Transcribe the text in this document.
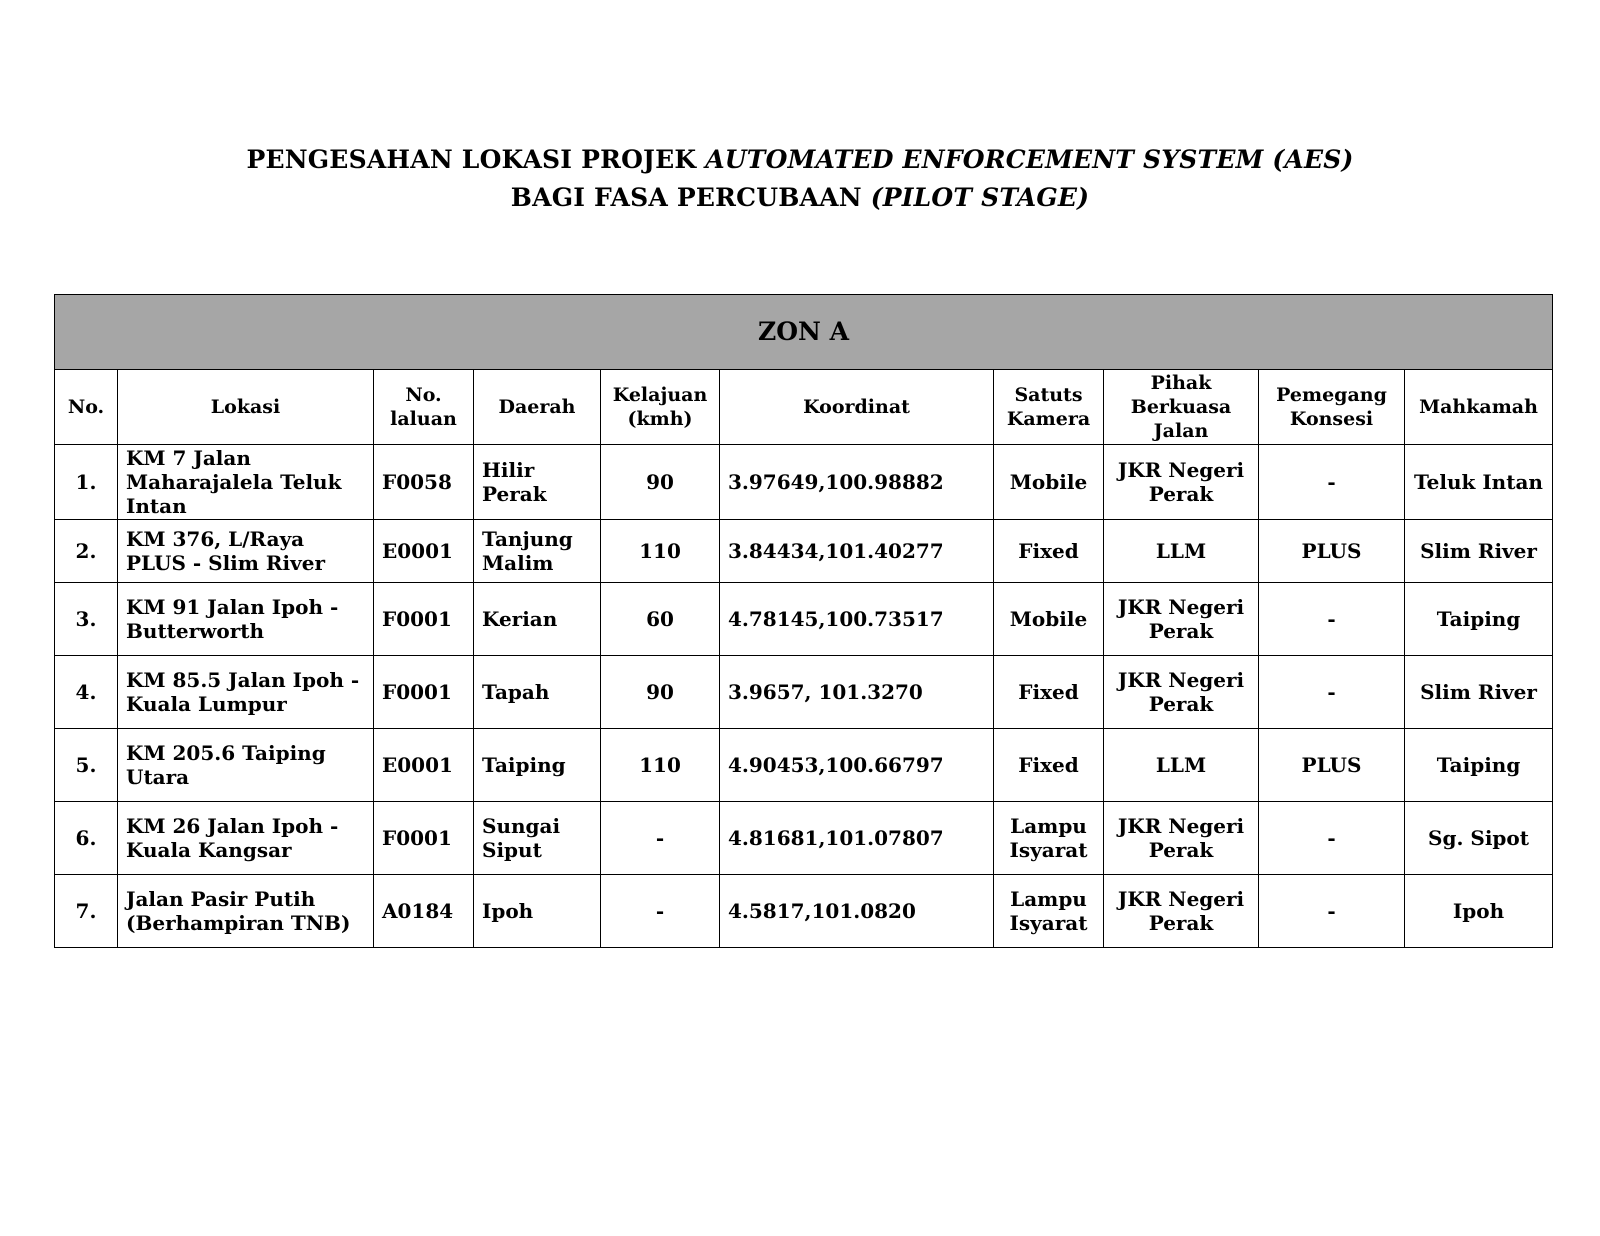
PENGESAHAN LOKASI PROJEK AUTOMATED ENFORCEMENT SYSTEM (AES)
BAGI FASA PERCUBAAN (PILOT STAGE)
ZON A									
No.	Lokasi	No. laluan	Daerah	Kelajuan (kmh)	Koordinat	Satuts Kamera	Pihak Berkuasa Jalan	Pemegang Konsesi	Mahkamah
1.	KM 7 Jalan Maharajalela Teluk Intan	F0058	Hilir Perak	90	3.97649,100.98882	Mobile	JKR Negeri Perak	-	Teluk Intan
2.	KM 376, L/Raya PLUS - Slim River	E0001	Tanjung Malim	110	3.84434,101.40277	Fixed	LLM	PLUS	Slim River
3.	KM 91 Jalan Ipoh - Butterworth	F0001	Kerian	60	4.78145,100.73517	Mobile	JKR Negeri Perak	-	Taiping
4.	KM 85.5 Jalan Ipoh - Kuala Lumpur	F0001	Tapah	90	3.9657, 101.3270	Fixed	JKR Negeri Perak	-	Slim River
5.	KM 205.6 Taiping Utara	E0001	Taiping	110	4.90453,100.66797	Fixed	LLM	PLUS	Taiping
6.	KM 26 Jalan Ipoh - Kuala Kangsar	F0001	Sungai Siput	-	4.81681,101.07807	Lampu Isyarat	JKR Negeri Perak	-	Sg. Sipot
7.	Jalan Pasir Putih (Berhampiran TNB)	A0184	Ipoh	-	4.5817,101.0820	Lampu Isyarat	JKR Negeri Perak	-	Ipoh
